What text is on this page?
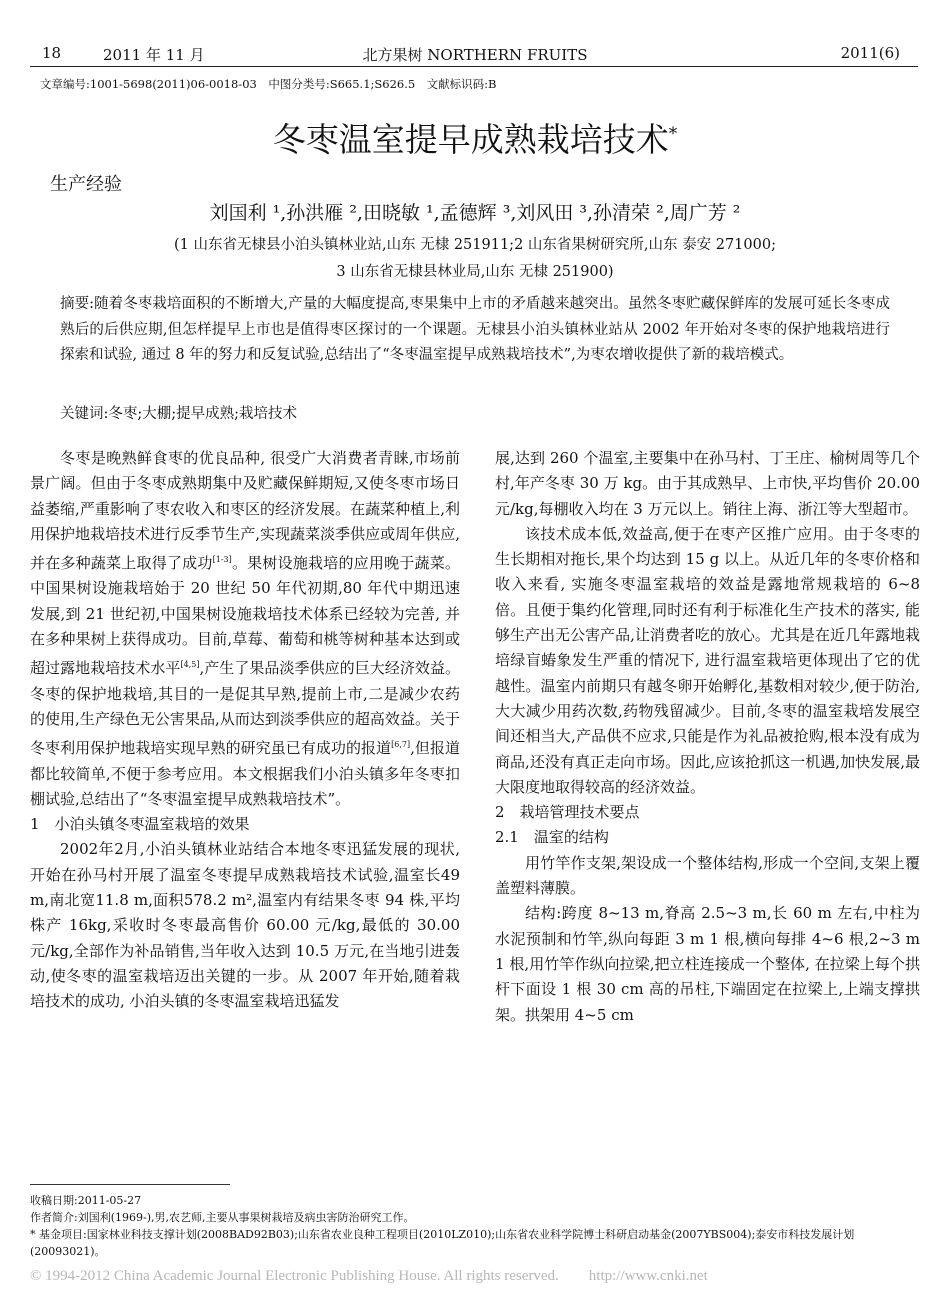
18	2011 年 11 月	北方果树 NORTHERN FRUITS	2011(6)
文章编号:1001-5698(2011)06-0018-03　中图分类号:S665.1;S626.5　文献标识码:B
冬枣温室提早成熟栽培技术*
生产经验
刘国利 ¹,孙洪雁 ²,田晓敏 ¹,孟德辉 ³,刘风田 ³,孙清荣 ²,周广芳 ²
(1 山东省无棣县小泊头镇林业站,山东 无棣 251911;2 山东省果树研究所,山东 泰安 271000;
3 山东省无棣县林业局,山东 无棣 251900)
摘要:随着冬枣栽培面积的不断增大,产量的大幅度提高,枣果集中上市的矛盾越来越突出。虽然冬枣贮藏保鲜库的发展可延长冬枣成熟后的后供应期,但怎样提早上市也是值得枣区探讨的一个课题。无棣县小泊头镇林业站从 2002 年开始对冬枣的保护地栽培进行探索和试验, 通过 8 年的努力和反复试验,总结出了“冬枣温室提早成熟栽培技术”,为枣农增收提供了新的栽培模式。
关键词:冬枣;大棚;提早成熟;栽培技术

冬枣是晚熟鲜食枣的优良品种, 很受广大消费者青睐,市场前景广阔。但由于冬枣成熟期集中及贮藏保鲜期短,又使冬枣市场日益萎缩,严重影响了枣农收入和枣区的经济发展。在蔬菜种植上,利用保护地栽培技术进行反季节生产,实现蔬菜淡季供应或周年供应,并在多种蔬菜上取得了成功[1-3]。果树设施栽培的应用晚于蔬菜。中国果树设施栽培始于 20 世纪 50 年代初期,80 年代中期迅速发展,到 21 世纪初,中国果树设施栽培技术体系已经较为完善, 并在多种果树上获得成功。目前,草莓、葡萄和桃等树种基本达到或超过露地栽培技术水平[4,5],产生了果品淡季供应的巨大经济效益。冬枣的保护地栽培,其目的一是促其早熟,提前上市,二是减少农药的使用,生产绿色无公害果品,从而达到淡季供应的超高效益。关于冬枣利用保护地栽培实现早熟的研究虽已有成功的报道[6,7],但报道都比较简单,不便于参考应用。本文根据我们小泊头镇多年冬枣扣棚试验,总结出了“冬枣温室提早成熟栽培技术”。

1　小泊头镇冬枣温室栽培的效果

2002年2月,小泊头镇林业站结合本地冬枣迅猛发展的现状, 开始在孙马村开展了温室冬枣提早成熟栽培技术试验,温室长49 m,南北宽11.8 m,面积578.2 m²,温室内有结果冬枣 94 株,平均株产 16kg,采收时冬枣最高售价 60.00 元/kg,最低的 30.00 元/kg,全部作为补品销售,当年收入达到 10.5 万元,在当地引进轰动,使冬枣的温室栽培迈出关键的一步。从 2007 年开始,随着栽培技术的成功, 小泊头镇的冬枣温室栽培迅猛发

展,达到 260 个温室,主要集中在孙马村、丁王庄、榆树周等几个村,年产冬枣 30 万 kg。由于其成熟早、上市快,平均售价 20.00 元/kg,每棚收入均在 3 万元以上。销往上海、浙江等大型超市。

该技术成本低,效益高,便于在枣产区推广应用。由于冬枣的生长期相对拖长,果个均达到 15 g 以上。从近几年的冬枣价格和收入来看, 实施冬枣温室栽培的效益是露地常规栽培的 6~8 倍。且便于集约化管理,同时还有利于标准化生产技术的落实, 能够生产出无公害产品,让消费者吃的放心。尤其是在近几年露地栽培绿盲蝽象发生严重的情况下, 进行温室栽培更体现出了它的优越性。温室内前期只有越冬卵开始孵化,基数相对较少,便于防治,大大减少用药次数,药物残留减少。目前,冬枣的温室栽培发展空间还相当大,产品供不应求,只能是作为礼品被抢购,根本没有成为商品,还没有真正走向市场。因此,应该抢抓这一机遇,加快发展,最大限度地取得较高的经济效益。

2　栽培管理技术要点

2.1　温室的结构

用竹竿作支架,架设成一个整体结构,形成一个空间,支架上覆盖塑料薄膜。

结构:跨度 8~13 m,脊高 2.5~3 m,长 60 m 左右,中柱为水泥预制和竹竿,纵向每距 3 m 1 根,横向每排 4~6 根,2~3 m 1 根,用竹竿作纵向拉梁,把立柱连接成一个整体, 在拉梁上每个拱杆下面设 1 根 30 cm 高的吊柱,下端固定在拉梁上,上端支撑拱架。拱架用 4~5 cm

收稿日期:2011-05-27
作者简介:刘国利(1969-),男,农艺师,主要从事果树栽培及病虫害防治研究工作。
* 基金项目:国家林业科技支撑计划(2008BAD92B03);山东省农业良种工程项目(2010LZ010);山东省农业科学院博士科研启动基金(2007YBS004);泰安市科技发展计划(20093021)。
© 1994-2012 China Academic Journal Electronic Publishing House. All rights reserved.　　http://www.cnki.net
